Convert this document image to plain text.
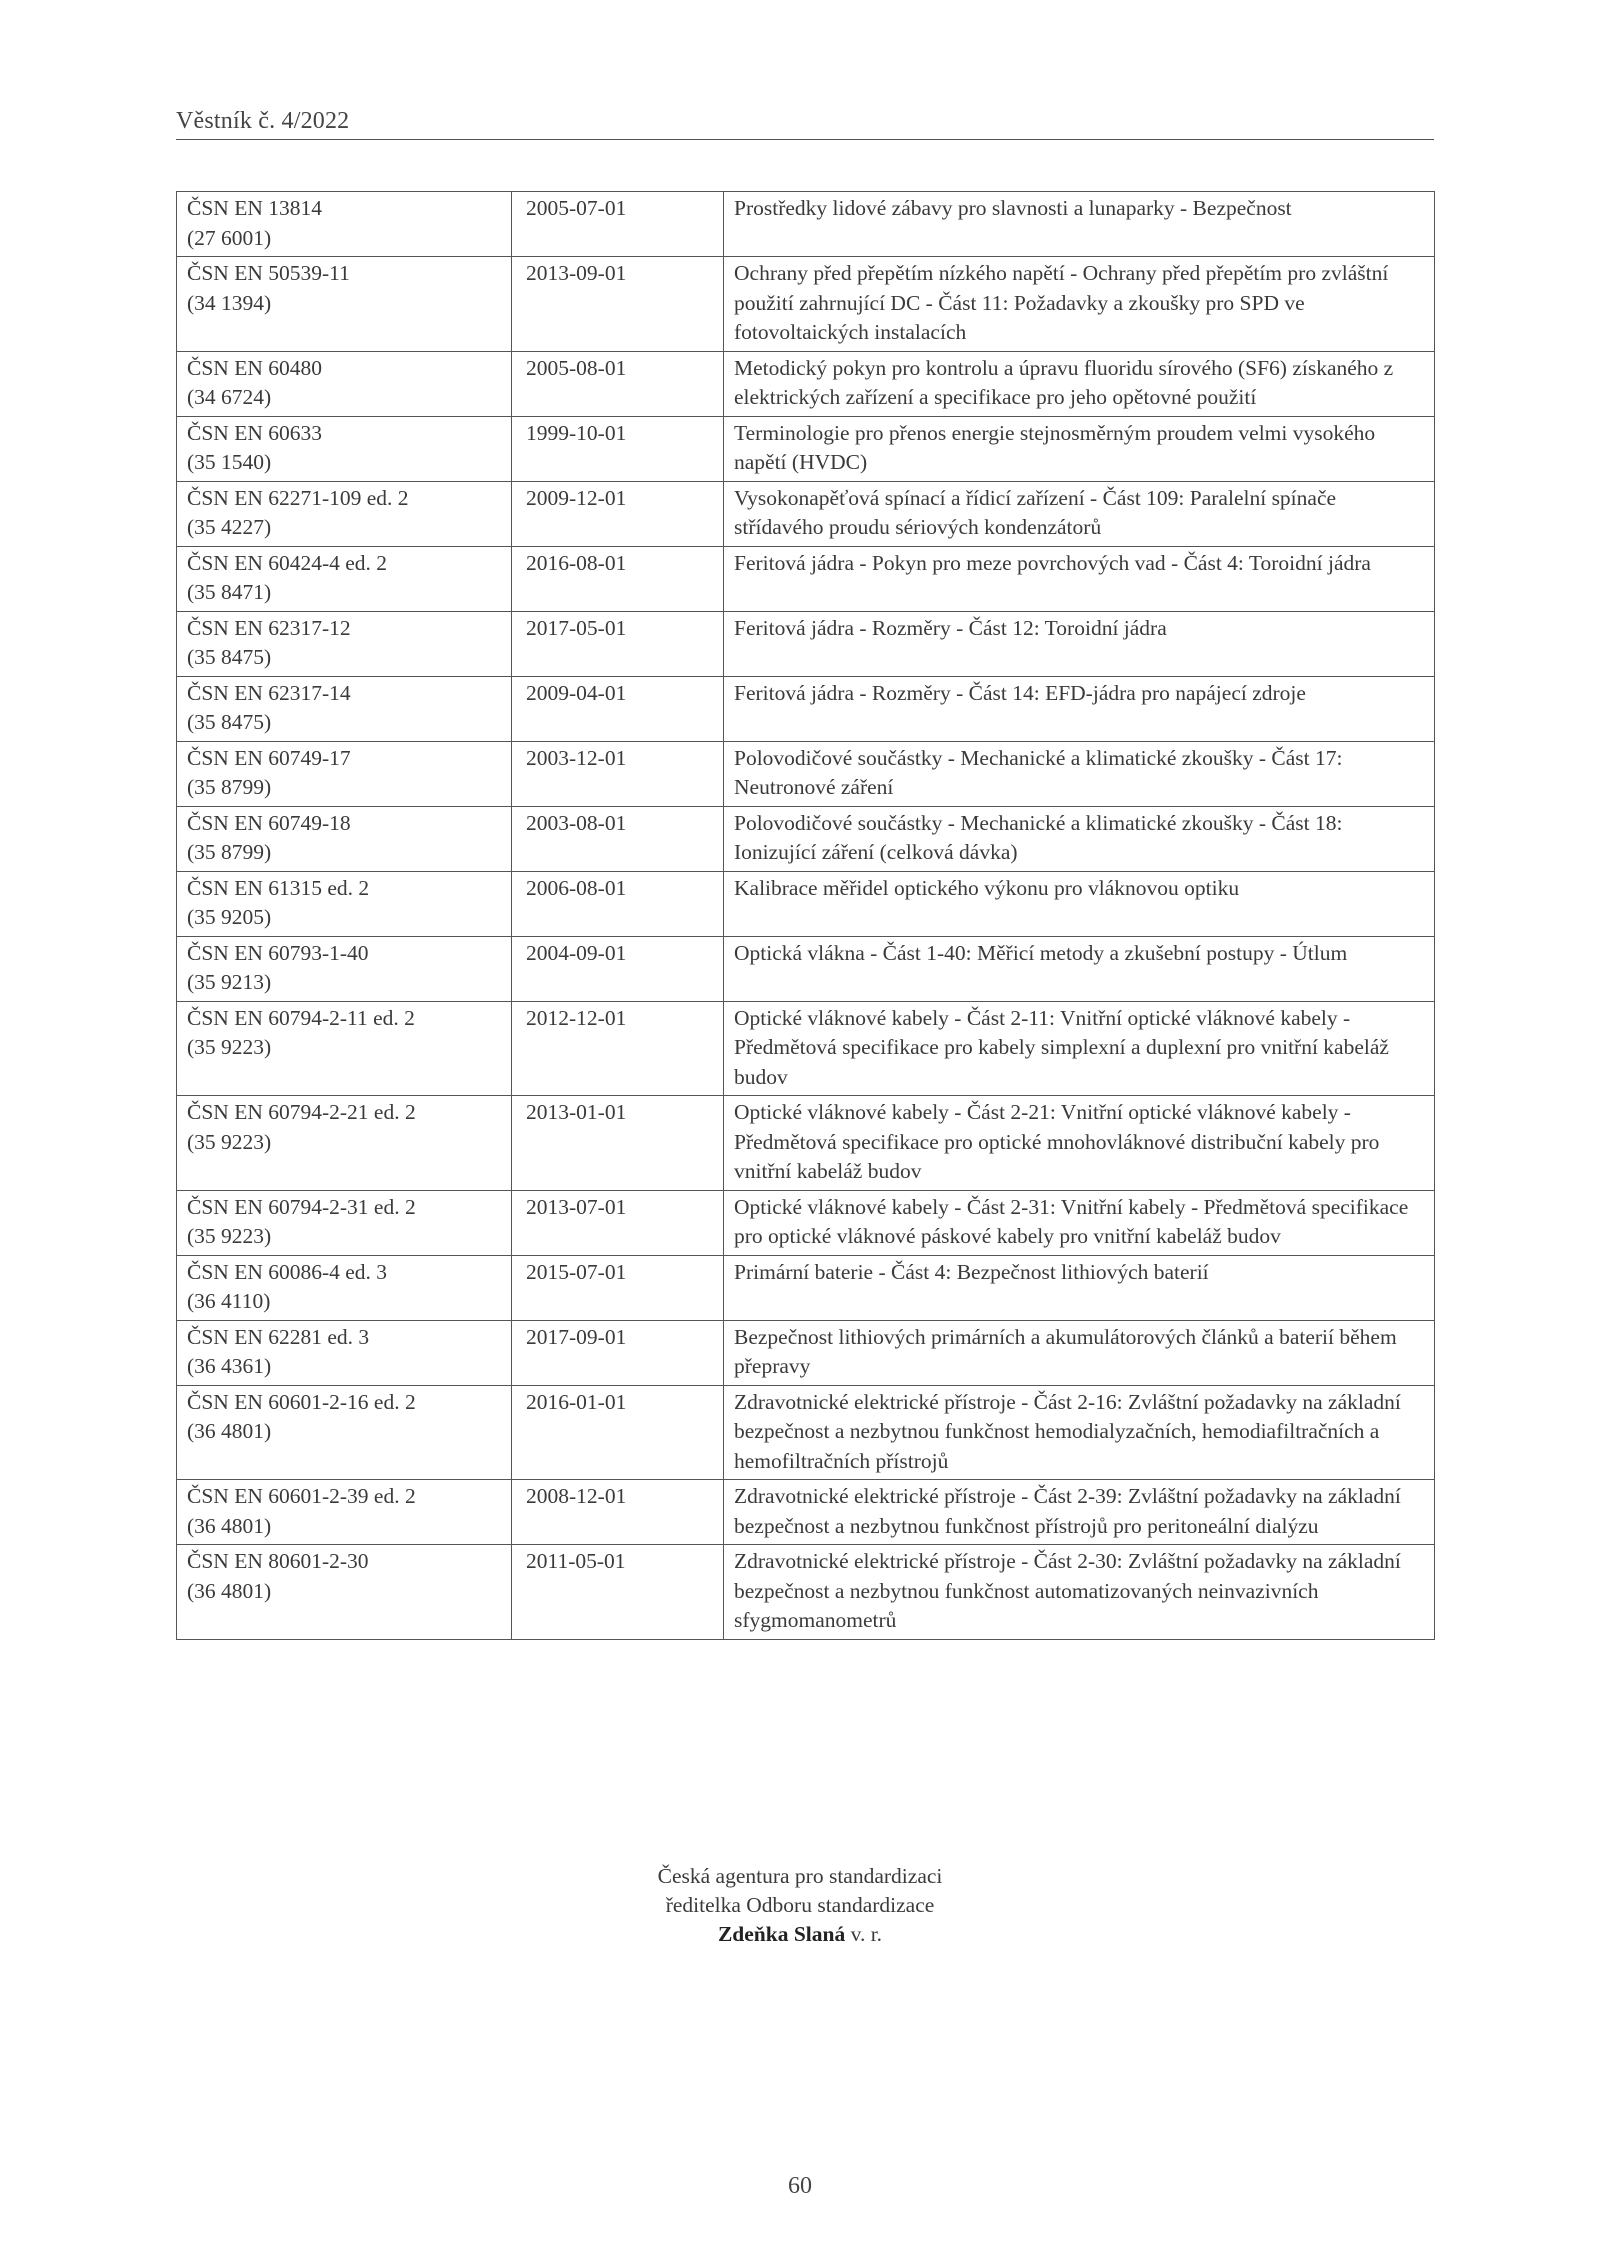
Věstník č. 4/2022
ČSN EN 13814
(27 6001)	2005-07-01	Prostředky lidové zábavy pro slavnosti a lunaparky - Bezpečnost

ČSN EN 50539-11
(34 1394)	2013-09-01	Ochrany před přepětím nízkého napětí - Ochrany před přepětím pro zvláštní použití zahrnující DC - Část 11: Požadavky a zkoušky pro SPD ve fotovoltaických instalacích

ČSN EN 60480
(34 6724)	2005-08-01	Metodický pokyn pro kontrolu a úpravu fluoridu sírového (SF6) získaného z elektrických zařízení a specifikace pro jeho opětovné použití

ČSN EN 60633
(35 1540)	1999-10-01	Terminologie pro přenos energie stejnosměrným proudem velmi vysokého napětí (HVDC)

ČSN EN 62271-109 ed. 2
(35 4227)	2009-12-01	Vysokonapěťová spínací a řídicí zařízení - Část 109: Paralelní spínače střídavého proudu sériových kondenzátorů

ČSN EN 60424-4 ed. 2
(35 8471)	2016-08-01	Feritová jádra - Pokyn pro meze povrchových vad - Část 4: Toroidní jádra

ČSN EN 62317-12
(35 8475)	2017-05-01	Feritová jádra - Rozměry - Část 12: Toroidní jádra

ČSN EN 62317-14
(35 8475)	2009-04-01	Feritová jádra - Rozměry - Část 14: EFD-jádra pro napájecí zdroje

ČSN EN 60749-17
(35 8799)	2003-12-01	Polovodičové součástky - Mechanické a klimatické zkoušky - Část 17: Neutronové záření

ČSN EN 60749-18
(35 8799)	2003-08-01	Polovodičové součástky - Mechanické a klimatické zkoušky - Část 18: Ionizující záření (celková dávka)

ČSN EN 61315 ed. 2
(35 9205)	2006-08-01	Kalibrace měřidel optického výkonu pro vláknovou optiku

ČSN EN 60793-1-40
(35 9213)	2004-09-01	Optická vlákna - Část 1-40: Měřicí metody a zkušební postupy - Útlum

ČSN EN 60794-2-11 ed. 2
(35 9223)	2012-12-01	Optické vláknové kabely - Část 2-11: Vnitřní optické vláknové kabely - Předmětová specifikace pro kabely simplexní a duplexní pro vnitřní kabeláž budov

ČSN EN 60794-2-21 ed. 2
(35 9223)	2013-01-01	Optické vláknové kabely - Část 2-21: Vnitřní optické vláknové kabely - Předmětová specifikace pro optické mnohovláknové distribuční kabely pro vnitřní kabeláž budov

ČSN EN 60794-2-31 ed. 2
(35 9223)	2013-07-01	Optické vláknové kabely - Část 2-31: Vnitřní kabely - Předmětová specifikace pro optické vláknové páskové kabely pro vnitřní kabeláž budov

ČSN EN 60086-4 ed. 3
(36 4110)	2015-07-01	Primární baterie - Část 4: Bezpečnost lithiových baterií

ČSN EN 62281 ed. 3
(36 4361)	2017-09-01	Bezpečnost lithiových primárních a akumulátorových článků a baterií během přepravy

ČSN EN 60601-2-16 ed. 2
(36 4801)	2016-01-01	Zdravotnické elektrické přístroje - Část 2-16: Zvláštní požadavky na základní bezpečnost a nezbytnou funkčnost hemodialyzačních, hemodiafiltračních a hemofiltračních přístrojů

ČSN EN 60601-2-39 ed. 2
(36 4801)	2008-12-01	Zdravotnické elektrické přístroje - Část 2-39: Zvláštní požadavky na základní bezpečnost a nezbytnou funkčnost přístrojů pro peritoneální dialýzu

ČSN EN 80601-2-30
(36 4801)	2011-05-01	Zdravotnické elektrické přístroje - Část 2-30: Zvláštní požadavky na základní bezpečnost a nezbytnou funkčnost automatizovaných neinvazivních sfygmomanometrů
Česká agentura pro standardizaci
ředitelka Odboru standardizace
Zdeňka Slaná v. r.
60
